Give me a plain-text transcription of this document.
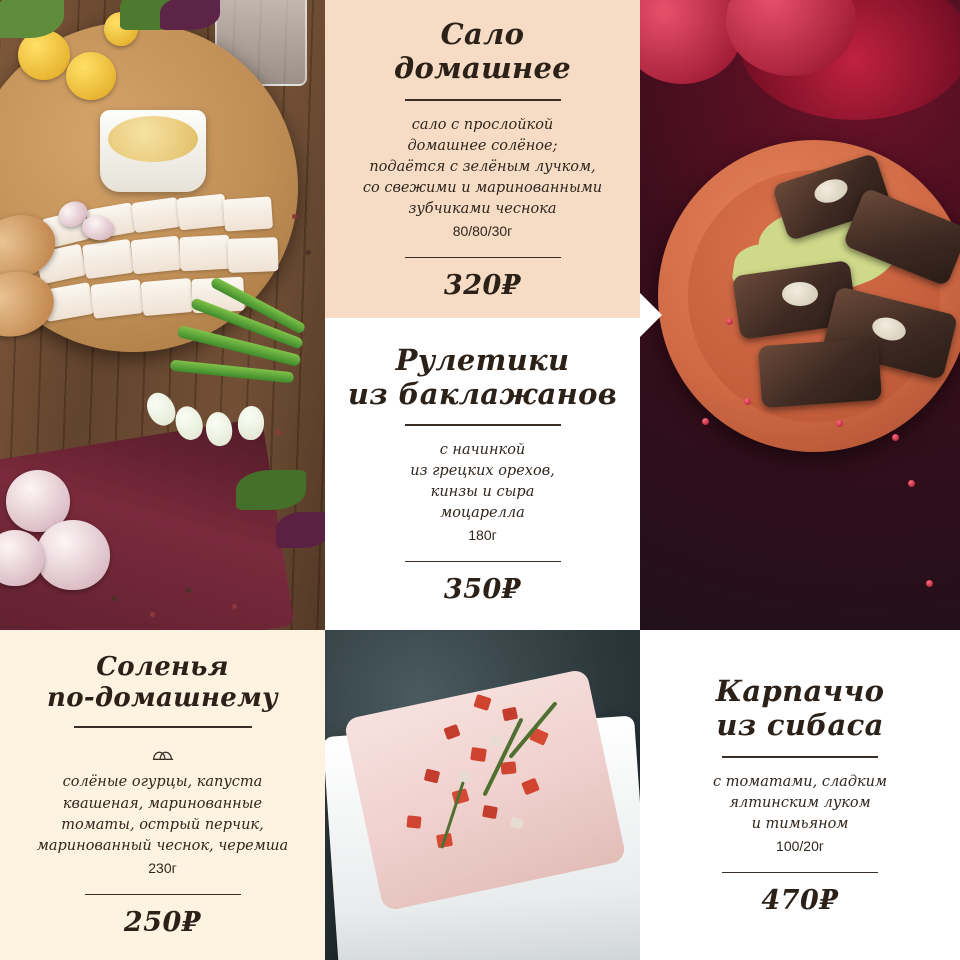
Сало
домашнее
сало с прослойкой
домашнее солёное;
подаётся с зелёным лучком,
со свежими и маринованными
зубчиками чеснока
80/80/30г
320₽
Рулетики
из баклажанов
с начинкой
из грецких орехов,
кинзы и сыра
моцарелла
180г
350₽
Соленья
по-домашнему
солёные огурцы, капуста
квашеная, маринованные
томаты, острый перчик,
маринованный чеснок, черемша
230г
250₽
Карпаччо
из сибаса
с томатами, сладким
ялтинским луком
и тимьяном
100/20г
470₽
